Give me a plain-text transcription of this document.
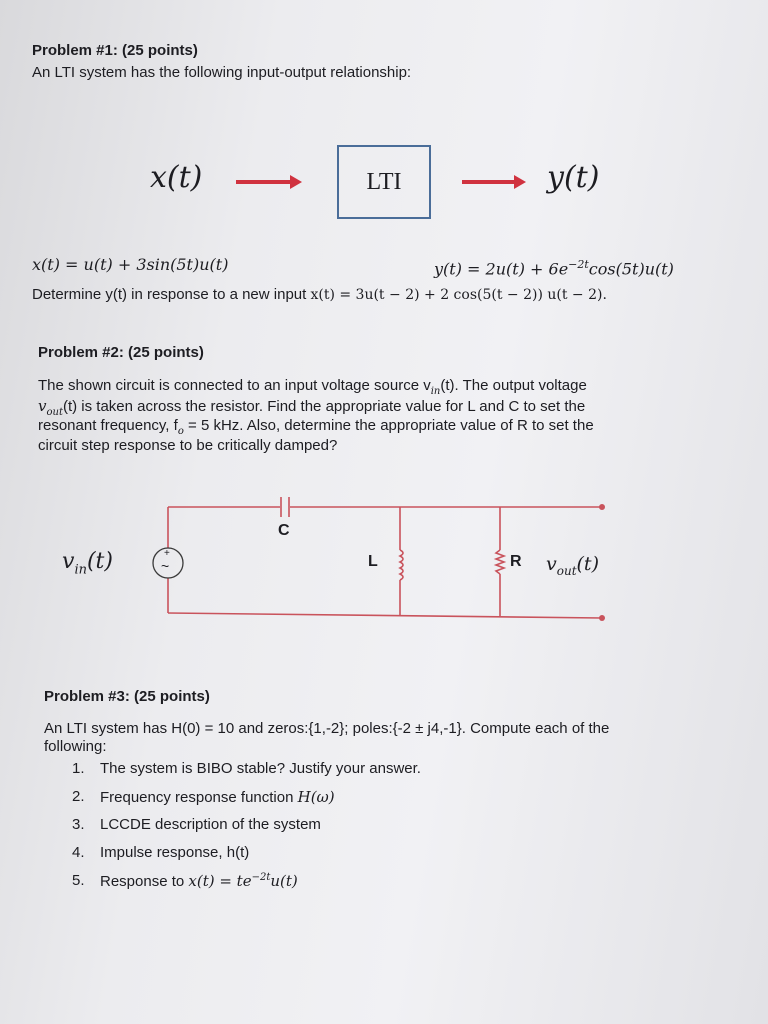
Problem #1: (25 points)
An LTI system has the following input-output relationship:
x(t)	LTI	y(t)
x(t) = u(t) + 3sin(5t)u(t)	$y(t) = 2u(t) + 6e^{-2t}\cos(5t)u(t)$
Determine y(t) in response to a new input x(t) = 3u(t − 2) + 2 cos(5(t − 2)) u(t − 2).
Problem #2: (25 points)
The shown circuit is connected to an input voltage source $v_{in}(t)$. The output voltage
$v_{out}(t)$ is taken across the resistor. Find the appropriate value for L and C to set the
resonant frequency, $f_o = 5$ kHz. Also, determine the appropriate value of R to set the
circuit step response to be critically damped?
+
~
$v_{in}(t)$
C
L	R $v_{out}(t)$
Problem #3: (25 points)
An LTI system has H(0) = 10 and zeros:{1,-2}; poles:{-2 ± j4,-1}. Compute each of the
following:
1.	The system is BIBO stable? Justify your answer.
2.	Frequency response function H(ω)
3.	LCCDE description of the system
4.	Impulse response, h(t)
5.	Response to $x(t) = te^{-2t}u(t)$
